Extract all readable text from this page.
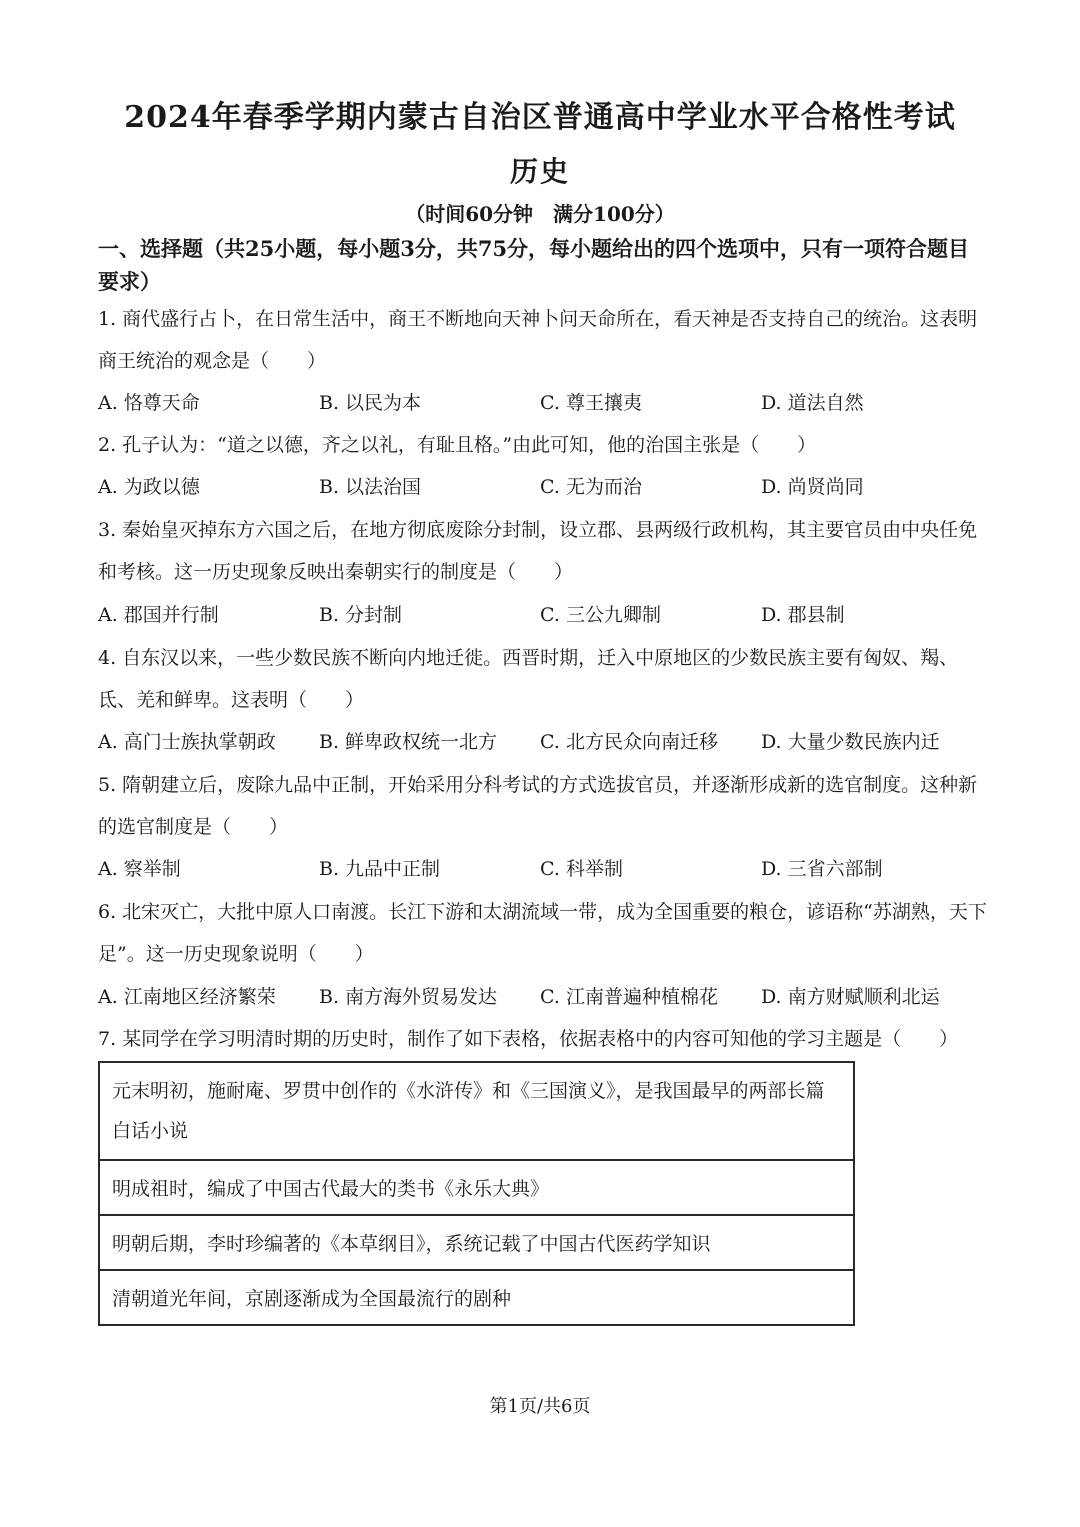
2024年春季学期内蒙古自治区普通高中学业水平合格性考试
历史
（时间60分钟　满分100分）
一、选择题（共25小题，每小题3分，共75分，每小题给出的四个选项中，只有一项符合题目要求）
1. 商代盛行占卜，在日常生活中，商王不断地向天神卜问天命所在，看天神是否支持自己的统治。这表明商王统治的观念是（　　）
A. 恪尊天命	B. 以民为本	C. 尊王攘夷	D. 道法自然
2. 孔子认为：“道之以德，齐之以礼，有耻且格。”由此可知，他的治国主张是（　　）
A. 为政以德	B. 以法治国	C. 无为而治	D. 尚贤尚同
3. 秦始皇灭掉东方六国之后，在地方彻底废除分封制，设立郡、县两级行政机构，其主要官员由中央任免和考核。这一历史现象反映出秦朝实行的制度是（　　）
A. 郡国并行制	B. 分封制	C. 三公九卿制	D. 郡县制
4. 自东汉以来，一些少数民族不断向内地迁徙。西晋时期，迁入中原地区的少数民族主要有匈奴、羯、氐、羌和鲜卑。这表明（　　）
A. 高门士族执掌朝政 B. 鲜卑政权统一北方 C. 北方民众向南迁移 D. 大量少数民族内迁
5. 隋朝建立后，废除九品中正制，开始采用分科考试的方式选拔官员，并逐渐形成新的选官制度。这种新的选官制度是（　　）
A. 察举制	B. 九品中正制	C. 科举制	D. 三省六部制
6. 北宋灭亡，大批中原人口南渡。长江下游和太湖流域一带，成为全国重要的粮仓，谚语称“苏湖熟，天下足”。这一历史现象说明（　　）
A. 江南地区经济繁荣 B. 南方海外贸易发达 C. 江南普遍种植棉花 D. 南方财赋顺利北运
7. 某同学在学习明清时期的历史时，制作了如下表格，依据表格中的内容可知他的学习主题是（　　）
元末明初，施耐庵、罗贯中创作的《水浒传》和《三国演义》，是我国最早的两部长篇白话小说
明成祖时，编成了中国古代最大的类书《永乐大典》
明朝后期，李时珍编著的《本草纲目》，系统记载了中国古代医药学知识
清朝道光年间，京剧逐渐成为全国最流行的剧种
第1页/共6页
